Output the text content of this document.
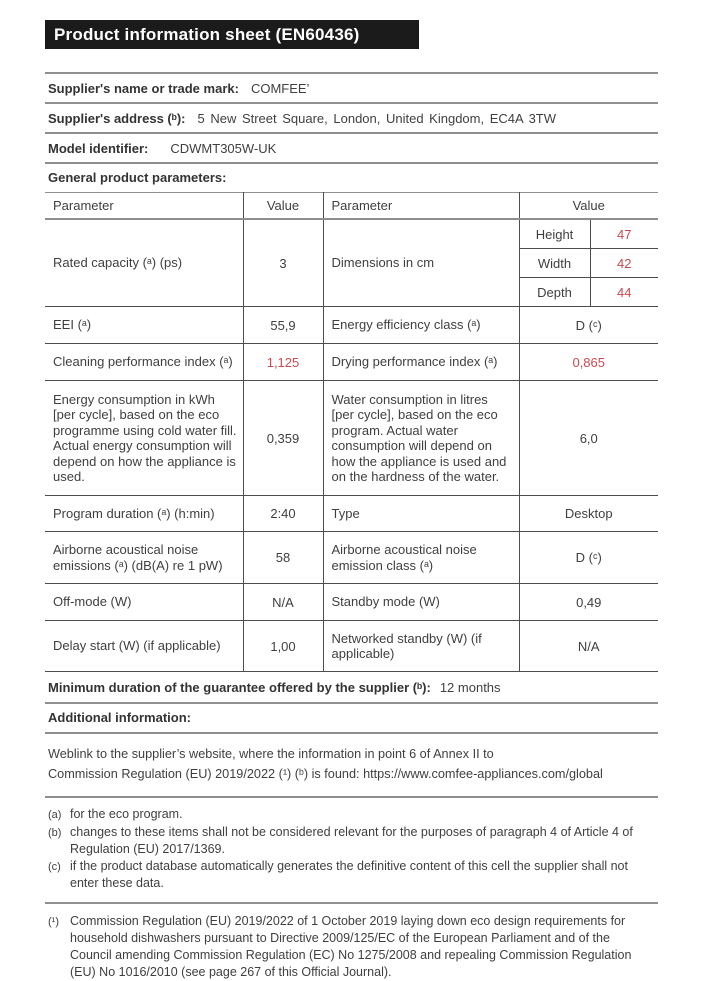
Product information sheet (EN60436)
Supplier's name or trade mark: COMFEE’
Supplier's address (ᵇ): 5 New Street Square, London, United Kingdom, EC4A 3TW
Model identifier: CDWMT305W-UK
General product parameters:
Parameter	Value	Parameter	Value
Rated capacity (ᵃ) (ps)	3	Dimensions in cm	
Height	47
Width	42
Depth	44

EEI (ᵃ)	55,9	Energy efficiency class (ᵃ)	D (ᶜ)
Cleaning performance index (ᵃ)	1,125	Drying performance index (ᵃ)	0,865
Energy consumption in kWh [per cycle], based on the eco programme using cold water fill. Actual energy consumption will depend on how the appliance is used.	0,359	Water consumption in litres [per cycle], based on the eco program. Actual water consumption will depend on how the appliance is used and on the hardness of the water.	6,0
Program duration (ᵃ) (h:min)	2:40	Type	Desktop
Airborne acoustical noise emissions (ᵃ) (dB(A) re 1 pW)	58	Airborne acoustical noise emission class (ᵃ)	D (ᶜ)
Off-mode (W)	N/A	Standby mode (W)	0,49
Delay start (W) (if applicable)	1,00	Networked standby (W) (if applicable)	N/A
Minimum duration of the guarantee offered by the supplier (ᵇ): 12 months
Additional information:
Weblink to the supplier’s website, where the information in point 6 of Annex II to
Commission Regulation (EU) 2019/2022 (¹) (ᵇ) is found: https://www.comfee-appliances.com/global
(a) for the eco program.
(b) changes to these items shall not be considered relevant for the purposes of paragraph 4 of Article 4 of Regulation (EU) 2017/1369.
(c) if the product database automatically generates the definitive content of this cell the supplier shall not enter these data.
(¹) Commission Regulation (EU) 2019/2022 of 1 October 2019 laying down eco design requirements for household dishwashers pursuant to Directive 2009/125/EC of the European Parliament and of the Council amending Commission Regulation (EC) No 1275/2008 and repealing Commission Regulation (EU) No 1016/2010 (see page 267 of this Official Journal).
